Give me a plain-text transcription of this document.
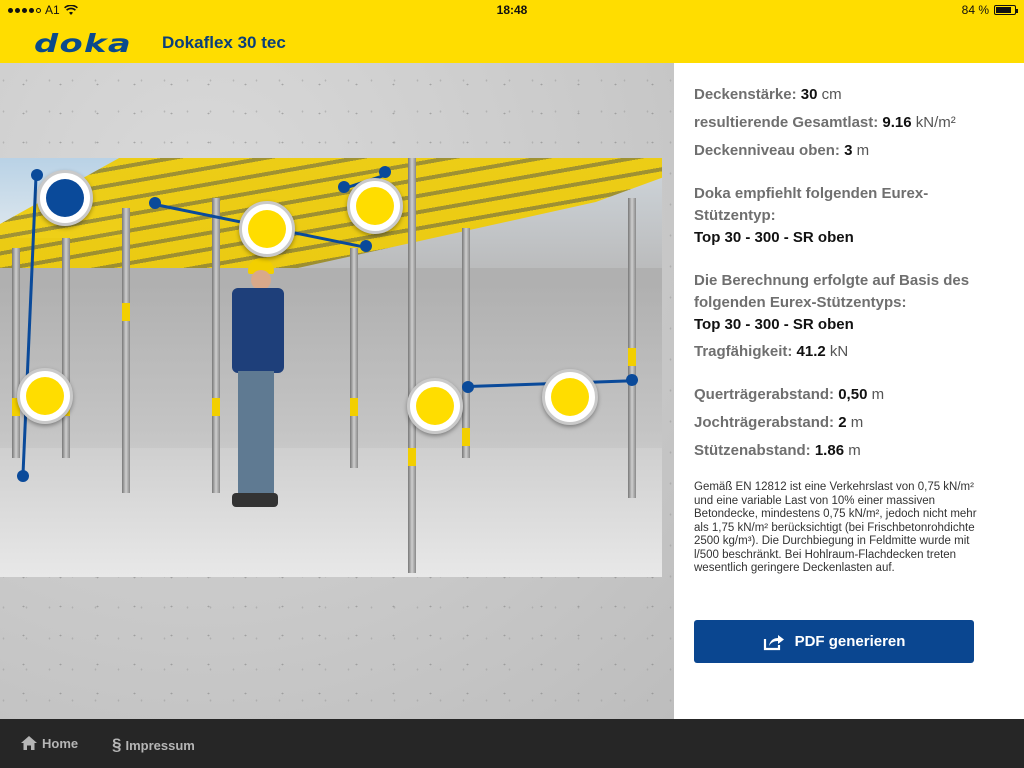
A1	18:48	84 %
doka Dokaflex 30 tec
Deckenstärke: 30 cm
resultierende Gesamtlast: 9.16 kN/m²
Deckenniveau oben: 3 m
Doka empfiehlt folgenden Eurex-Stützentyp:
Top 30 - 300 - SR oben
Die Berechnung erfolgte auf Basis des folgenden Eurex-Stützentyps:
Top 30 - 300 - SR oben
Tragfähigkeit: 41.2 kN
Querträgerabstand: 0,50 m
Jochträgerabstand: 2 m
Stützenabstand: 1.86 m
Gemäß EN 12812 ist eine Verkehrslast von 0,75 kN/m² und eine variable Last von 10% einer massiven Betondecke, mindestens 0,75 kN/m², jedoch nicht mehr als 1,75 kN/m² berücksichtigt (bei Frischbetonrohdichte 2500 kg/m³). Die Durchbiegung in Feldmitte wurde mit l/500 beschränkt. Bei Hohlraum-Flachdecken treten wesentlich geringere Deckenlasten auf.
PDF generieren
Home § Impressum
